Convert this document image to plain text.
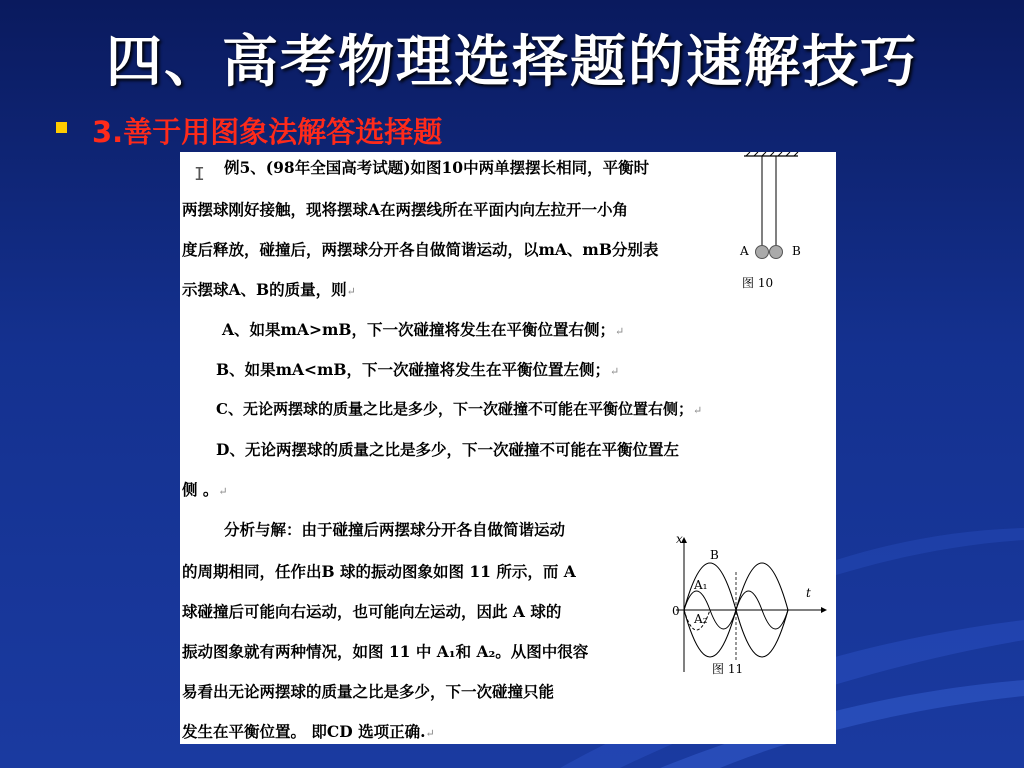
四、高考物理选择题的速解技巧
3.善于用图象法解答选择题
I 例5、(98年全国高考试题)如图10中两单摆摆长相同，平衡时
两摆球刚好接触，现将摆球A在两摆线所在平面内向左拉开一小角
度后释放，碰撞后，两摆球分开各自做简谐运动，以mA、mB分别表
示摆球A、B的质量，则↵
A、如果mA>mB，下一次碰撞将发生在平衡位置右侧；↵
B、如果mA<mB，下一次碰撞将发生在平衡位置左侧；↵
C、无论两摆球的质量之比是多少，下一次碰撞不可能在平衡位置右侧；↵
D、无论两摆球的质量之比是多少，下一次碰撞不可能在平衡位置左
侧 。↵
分析与解：由于碰撞后两摆球分开各自做简谐运动
的周期相同，任作出B 球的振动图象如图 11 所示，而 A
球碰撞后可能向右运动，也可能向左运动，因此 A 球的
振动图象就有两种情况，如图 11 中 A₁和 A₂。从图中很容
易看出无论两摆球的质量之比是多少，下一次碰撞只能
发生在平衡位置。 即CD 选项正确.↵
A	B
图 10
x
t
0
B
A₁
A₂
图 11
